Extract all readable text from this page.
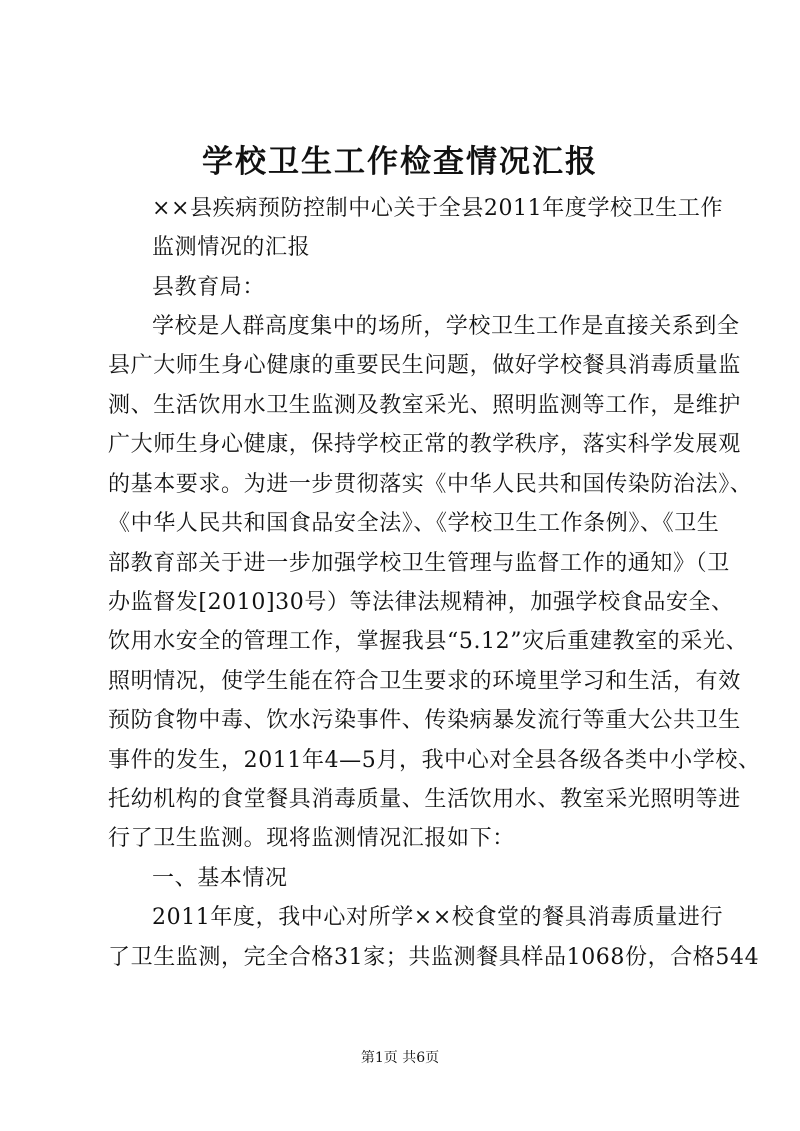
学校卫生工作检查情况汇报

××县疾病预防控制中心关于全县2011年度学校卫生工作

监测情况的汇报

县教育局：

学校是人群高度集中的场所，学校卫生工作是直接关系到全

县广大师生身心健康的重要民生问题，做好学校餐具消毒质量监

测、生活饮用水卫生监测及教室采光、照明监测等工作，是维护

广大师生身心健康，保持学校正常的教学秩序，落实科学发展观

的基本要求。为进一步贯彻落实《中华人民共和国传染防治法》、

《中华人民共和国食品安全法》、《学校卫生工作条例》、《卫生

部教育部关于进一步加强学校卫生管理与监督工作的通知》（卫

办监督发[2010]30号）等法律法规精神，加强学校食品安全、

饮用水安全的管理工作，掌握我县“5.12”灾后重建教室的采光、

照明情况，使学生能在符合卫生要求的环境里学习和生活，有效

预防食物中毒、饮水污染事件、传染病暴发流行等重大公共卫生

事件的发生，2011年4—5月，我中心对全县各级各类中小学校、

托幼机构的食堂餐具消毒质量、生活饮用水、教室采光照明等进

行了卫生监测。现将监测情况汇报如下：

一、基本情况

2011年度，我中心对所学××校食堂的餐具消毒质量进行

了卫生监测，完全合格31家；共监测餐具样品1068份，合格544

第1页 共6页
